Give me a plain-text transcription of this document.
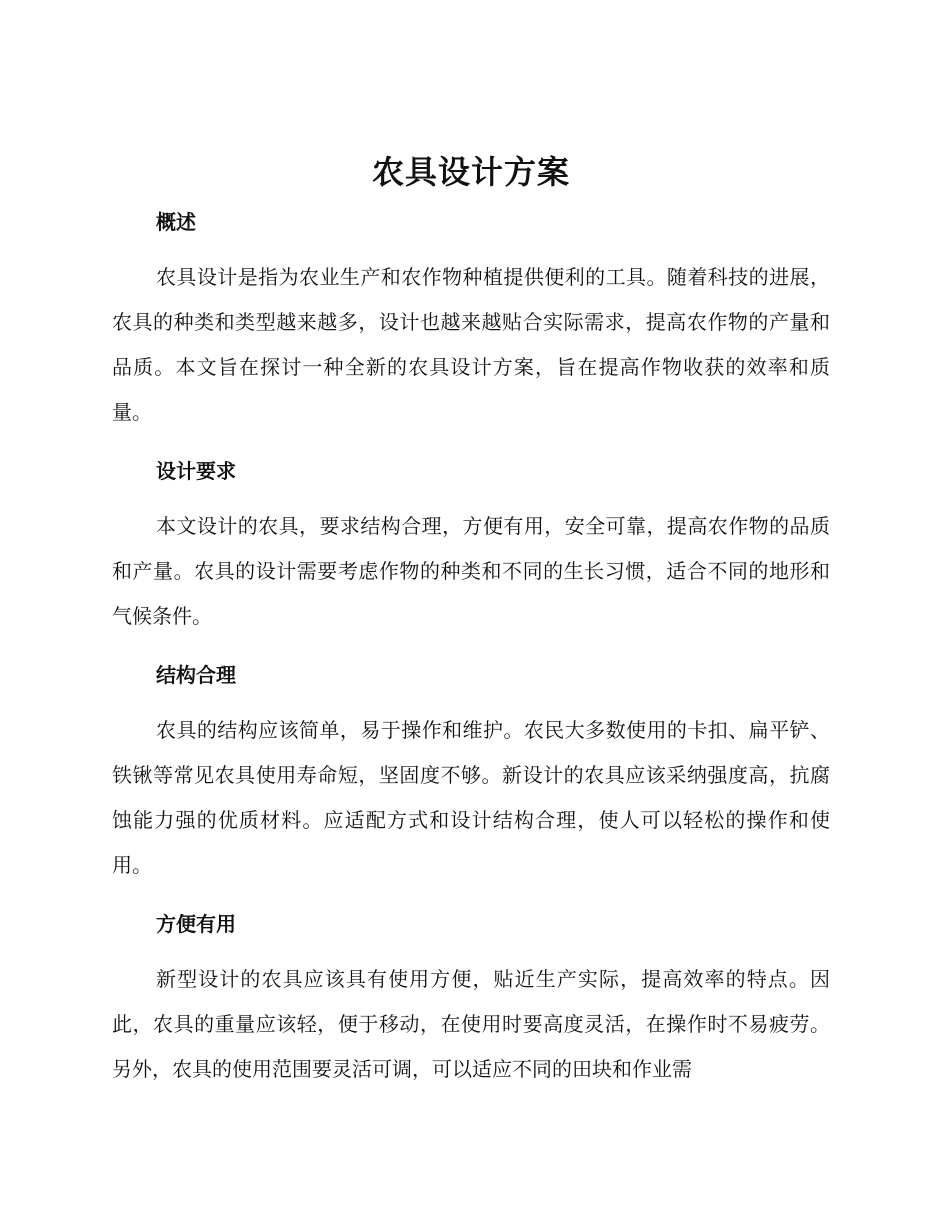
农具设计方案
概述

农具设计是指为农业生产和农作物种植提供便利的工具。随着科技的进展，农具的种类和类型越来越多，设计也越来越贴合实际需求，提高农作物的产量和品质。本文旨在探讨一种全新的农具设计方案，旨在提高作物收获的效率和质量。

设计要求

本文设计的农具，要求结构合理，方便有用，安全可靠，提高农作物的品质和产量。农具的设计需要考虑作物的种类和不同的生长习惯，适合不同的地形和气候条件。

结构合理

农具的结构应该简单，易于操作和维护。农民大多数使用的卡扣、扁平铲、铁锹等常见农具使用寿命短，坚固度不够。新设计的农具应该采纳强度高，抗腐蚀能力强的优质材料。应适配方式和设计结构合理，使人可以轻松的操作和使用。

方便有用

新型设计的农具应该具有使用方便，贴近生产实际，提高效率的特点。因此，农具的重量应该轻，便于移动，在使用时要高度灵活，在操作时不易疲劳。另外，农具的使用范围要灵活可调，可以适应不同的田块和作业需
